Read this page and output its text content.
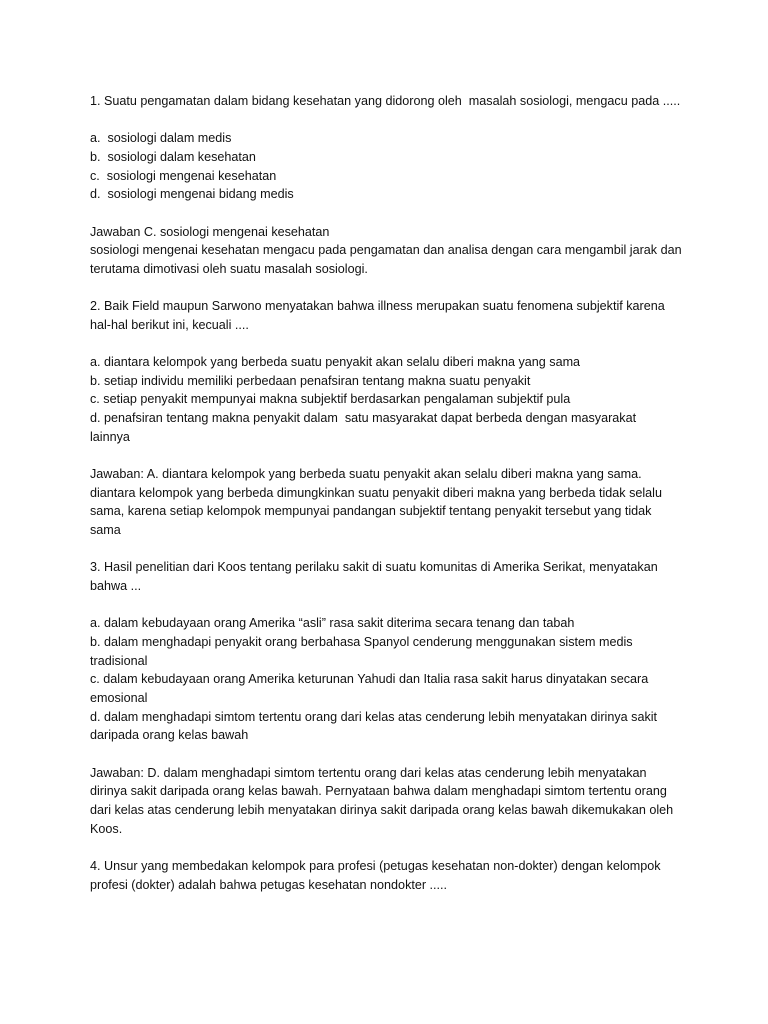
1. Suatu pengamatan dalam bidang kesehatan yang didorong oleh  masalah sosiologi, mengacu pada .....
a.  sosiologi dalam medis
b.  sosiologi dalam kesehatan
c.  sosiologi mengenai kesehatan
d.  sosiologi mengenai bidang medis
Jawaban C. sosiologi mengenai kesehatan
sosiologi mengenai kesehatan mengacu pada pengamatan dan analisa dengan cara mengambil jarak dan
terutama dimotivasi oleh suatu masalah sosiologi.
2. Baik Field maupun Sarwono menyatakan bahwa illness merupakan suatu fenomena subjektif karena
hal-hal berikut ini, kecuali ....
a. diantara kelompok yang berbeda suatu penyakit akan selalu diberi makna yang sama
b. setiap individu memiliki perbedaan penafsiran tentang makna suatu penyakit
c. setiap penyakit mempunyai makna subjektif berdasarkan pengalaman subjektif pula
d. penafsiran tentang makna penyakit dalam  satu masyarakat dapat berbeda dengan masyarakat
lainnya
Jawaban: A. diantara kelompok yang berbeda suatu penyakit akan selalu diberi makna yang sama.
diantara kelompok yang berbeda dimungkinkan suatu penyakit diberi makna yang berbeda tidak selalu
sama, karena setiap kelompok mempunyai pandangan subjektif tentang penyakit tersebut yang tidak
sama
3. Hasil penelitian dari Koos tentang perilaku sakit di suatu komunitas di Amerika Serikat, menyatakan
bahwa ...
a. dalam kebudayaan orang Amerika “asli” rasa sakit diterima secara tenang dan tabah
b. dalam menghadapi penyakit orang berbahasa Spanyol cenderung menggunakan sistem medis
tradisional
c. dalam kebudayaan orang Amerika keturunan Yahudi dan Italia rasa sakit harus dinyatakan secara
emosional
d. dalam menghadapi simtom tertentu orang dari kelas atas cenderung lebih menyatakan dirinya sakit
daripada orang kelas bawah
Jawaban: D. dalam menghadapi simtom tertentu orang dari kelas atas cenderung lebih menyatakan
dirinya sakit daripada orang kelas bawah. Pernyataan bahwa dalam menghadapi simtom tertentu orang
dari kelas atas cenderung lebih menyatakan dirinya sakit daripada orang kelas bawah dikemukakan oleh
Koos.
4. Unsur yang membedakan kelompok para profesi (petugas kesehatan non-dokter) dengan kelompok
profesi (dokter) adalah bahwa petugas kesehatan nondokter .....
